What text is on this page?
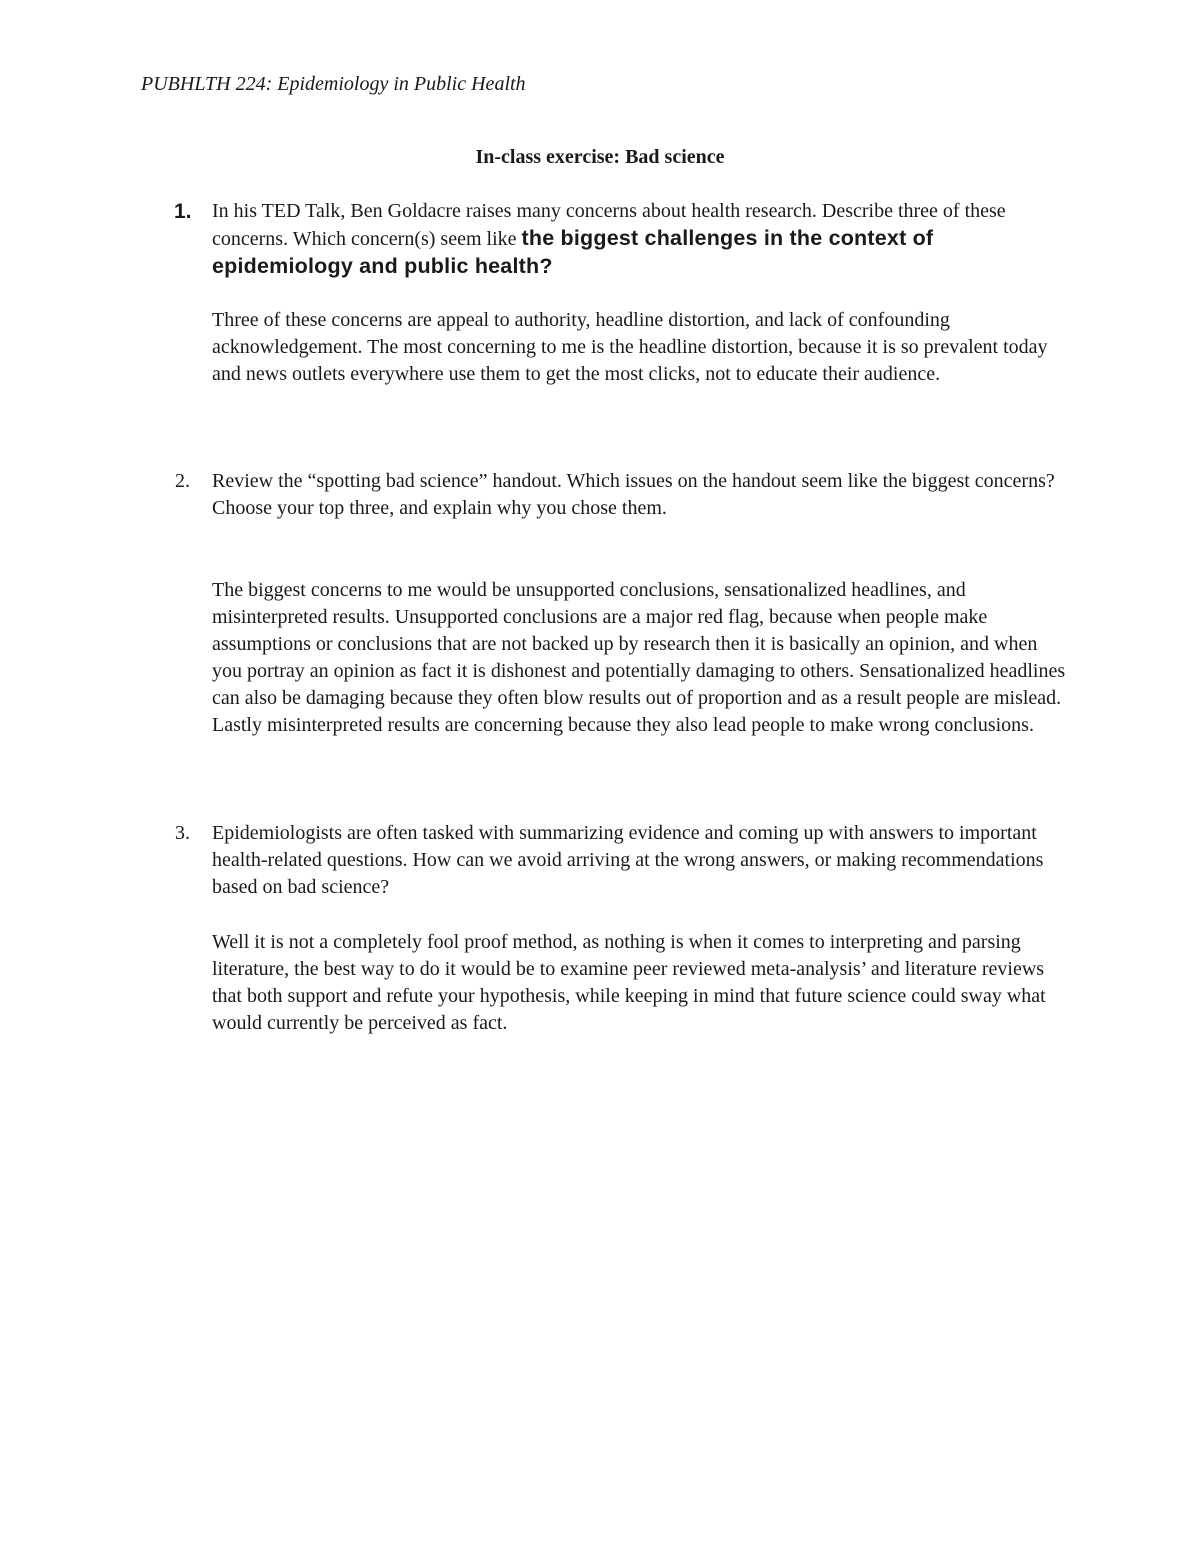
PUBHLTH 224: Epidemiology in Public Health
In-class exercise: Bad science
1.	In his TED Talk, Ben Goldacre raises many concerns about health research. Describe three of these concerns. Which concern(s) seem like the biggest challenges in the context of epidemiology and public health?

Three of these concerns are appeal to authority, headline distortion, and lack of confounding acknowledgement. The most concerning to me is the headline distortion, because it is so prevalent today and news outlets everywhere use them to get the most clicks, not to educate their audience.

2.	Review the “spotting bad science” handout. Which issues on the handout seem like the biggest concerns? Choose your top three, and explain why you chose them.

The biggest concerns to me would be unsupported conclusions, sensationalized headlines, and misinterpreted results. Unsupported conclusions are a major red flag, because when people make assumptions or conclusions that are not backed up by research then it is basically an opinion, and when you portray an opinion as fact it is dishonest and potentially damaging to others. Sensationalized headlines can also be damaging because they often blow results out of proportion and as a result people are mislead. Lastly misinterpreted results are concerning because they also lead people to make wrong conclusions.

3.	Epidemiologists are often tasked with summarizing evidence and coming up with answers to important health-related questions. How can we avoid arriving at the wrong answers, or making recommendations based on bad science?

Well it is not a completely fool proof method, as nothing is when it comes to interpreting and parsing literature, the best way to do it would be to examine peer reviewed meta-analysis’ and literature reviews that both support and refute your hypothesis, while keeping in mind that future science could sway what would currently be perceived as fact.
